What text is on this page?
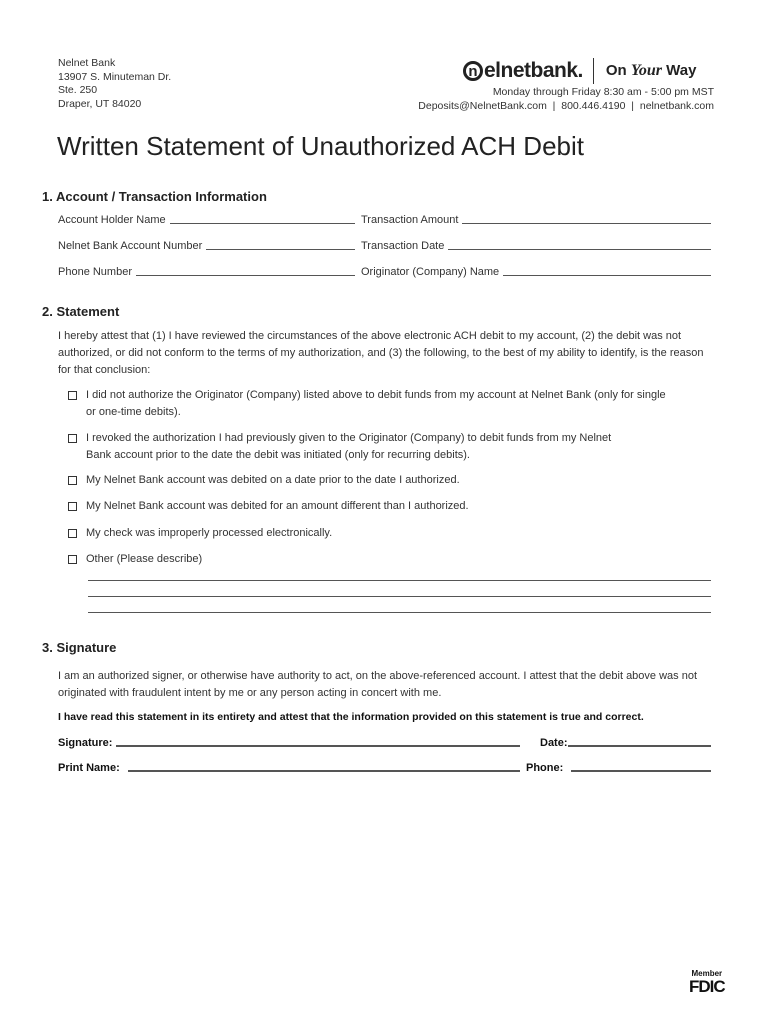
Nelnet Bank
13907 S. Minuteman Dr.
Ste. 250
Draper, UT 84020
n elnetbank. On Your Way
Monday through Friday 8:30 am - 5:00 pm MST
Deposits@NelnetBank.com  |  800.446.4190  |  nelnetbank.com
Written Statement of Unauthorized ACH Debit
1. Account / Transaction Information
Account Holder Name	Transaction Amount
Nelnet Bank Account Number	Transaction Date
Phone Number	Originator (Company) Name
2. Statement
I hereby attest that (1) I have reviewed the circumstances of the above electronic ACH debit to my account, (2) the debit was not authorized, or did not conform to the terms of my authorization, and (3) the following, to the best of my ability to identify, is the reason for that conclusion:
I did not authorize the Originator (Company) listed above to debit funds from my account at Nelnet Bank (only for single or one-time debits).
I revoked the authorization I had previously given to the Originator (Company) to debit funds from my Nelnet Bank account prior to the date the debit was initiated (only for recurring debits).
My Nelnet Bank account was debited on a date prior to the date I authorized.
My Nelnet Bank account was debited for an amount different than I authorized.
My check was improperly processed electronically.
Other (Please describe)
3. Signature
I am an authorized signer, or otherwise have authority to act, on the above-referenced account. I attest that the debit above was not originated with fraudulent intent by me or any person acting in concert with me.
I have read this statement in its entirety and attest that the information provided on this statement is true and correct.
Signature:	Date:
Print Name:	Phone:
Member
FDIC
